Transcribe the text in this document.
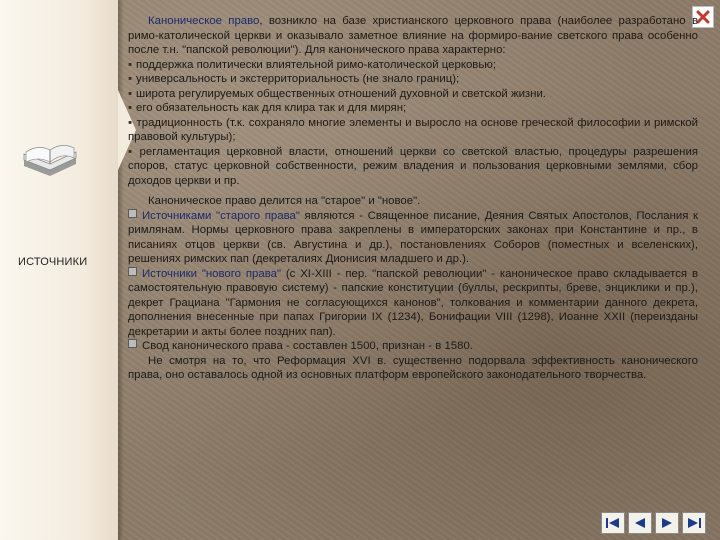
ИСТОЧНИКИ

Каноническое право, возникло на базе христианского церковного права (наиболее разработано в римо-католической церкви и оказывало заметное влияние на формиро-вание светского права особенно после т.н. "папской революции"). Для канонического права характерно:

▪ поддержка политически влиятельной римо-католической церковью;

▪ универсальность и экстерриториальность (не знало границ);

▪ широта регулируемых общественных отношений духовной и светской жизни.

▪ его обязательность как для клира так и для мирян;

▪ традиционность (т.к. сохраняло многие элементы и выросло на основе греческой философии и римской правовой культуры);

▪ регламентация церковной власти, отношений церкви со светской властью, процедуры разрешения споров, статус церковной собственности, режим владения и пользования церковными землями, сбор доходов церкви и пр.

Каноническое право делится на "старое" и "новое".

Источниками "старого права" являются - Священное писание, Деяния Святых Апостолов, Послания к римлянам. Нормы церковного права закреплены в императорских законах при Константине и пр., в писаниях отцов церкви (св. Августина и др.), постановлениях Соборов (поместных и вселенских), решениях римских пап (декреталиях Дионисия младшего и др.).

Источники "нового права" (с XI-XIII - пер. "папской революции" - каноническое право складывается в самостоятельную правовую систему) - папские конституции (буллы, рескрипты, бреве, энциклики и пр.), декрет Грациана "Гармония не согласующихся канонов", толкования и комментарии данного декрета, дополнения внесенные при папах Григории IX (1234), Бонифации VIII (1298), Иоанне XXII (переизданы декретарии и акты более поздних пап).

Свод канонического права - составлен 1500, признан - в 1580.

Не смотря на то, что Реформация XVI в. существенно подорвала эффективность канонического права, оно оставалось одной из основных платформ европейского законодательного творчества.
